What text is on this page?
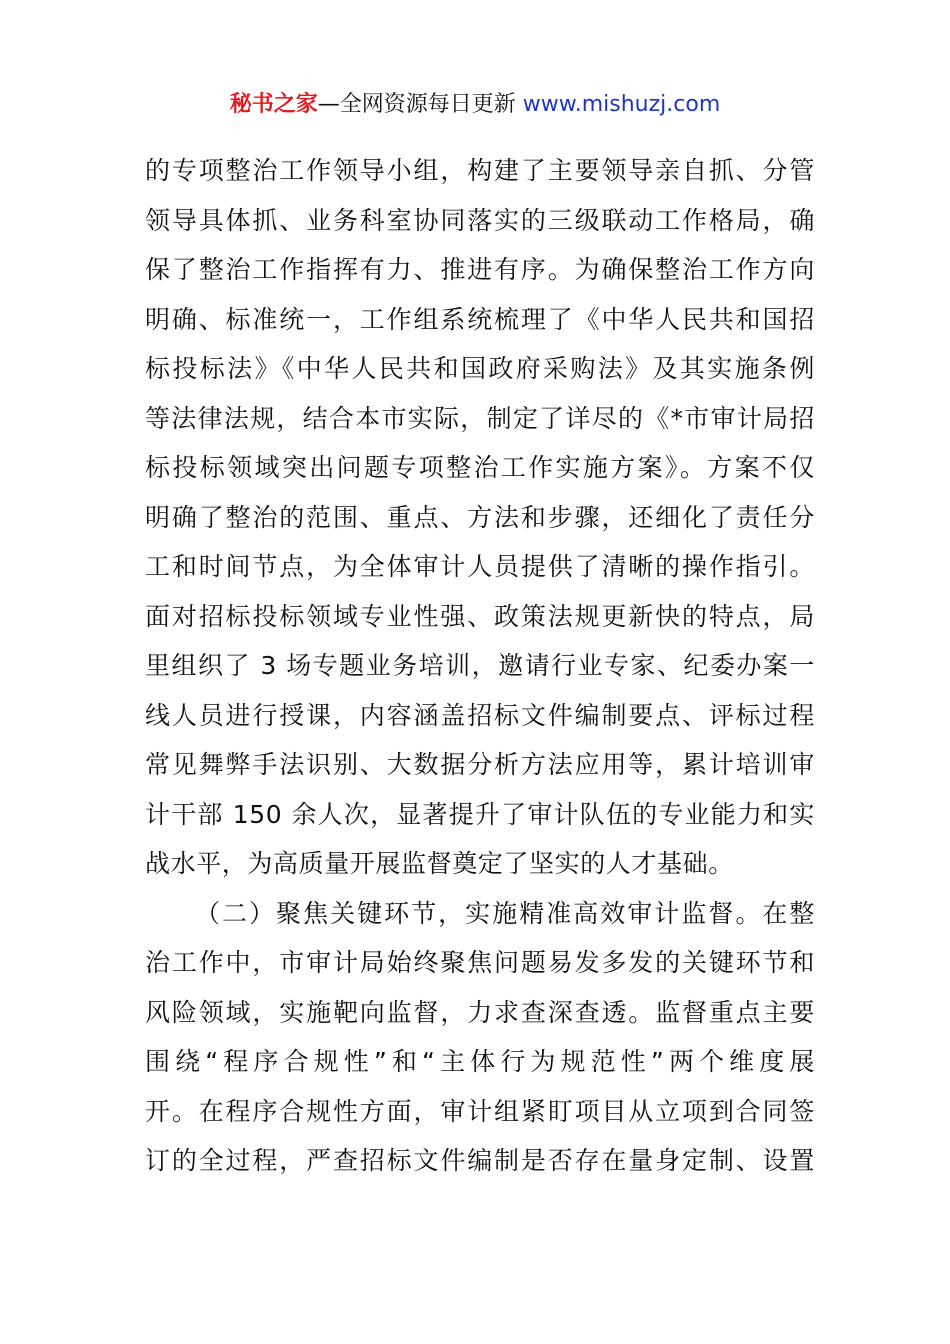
秘书之家—全网资源每日更新 www.mishuzj.com
的专项整治工作领导小组，构建了主要领导亲自抓、分管
领导具体抓、业务科室协同落实的三级联动工作格局，确
保了整治工作指挥有力、推进有序。为确保整治工作方向
明确、标准统一，工作组系统梳理了《中华人民共和国招
标投标法》《中华人民共和国政府采购法》及其实施条例
等法律法规，结合本市实际，制定了详尽的《*市审计局招
标投标领域突出问题专项整治工作实施方案》。方案不仅
明确了整治的范围、重点、方法和步骤，还细化了责任分
工和时间节点，为全体审计人员提供了清晰的操作指引。
面对招标投标领域专业性强、政策法规更新快的特点，局
里组织了 3 场专题业务培训，邀请行业专家、纪委办案一
线人员进行授课，内容涵盖招标文件编制要点、评标过程
常见舞弊手法识别、大数据分析方法应用等，累计培训审
计干部 150 余人次，显著提升了审计队伍的专业能力和实
战水平，为高质量开展监督奠定了坚实的人才基础。
（二）聚焦关键环节，实施精准高效审计监督。在整
治工作中，市审计局始终聚焦问题易发多发的关键环节和
风险领域，实施靶向监督，力求查深查透。监督重点主要
围绕“程序合规性”和“主体行为规范性”两个维度展
开。在程序合规性方面，审计组紧盯项目从立项到合同签
订的全过程，严查招标文件编制是否存在量身定制、设置
